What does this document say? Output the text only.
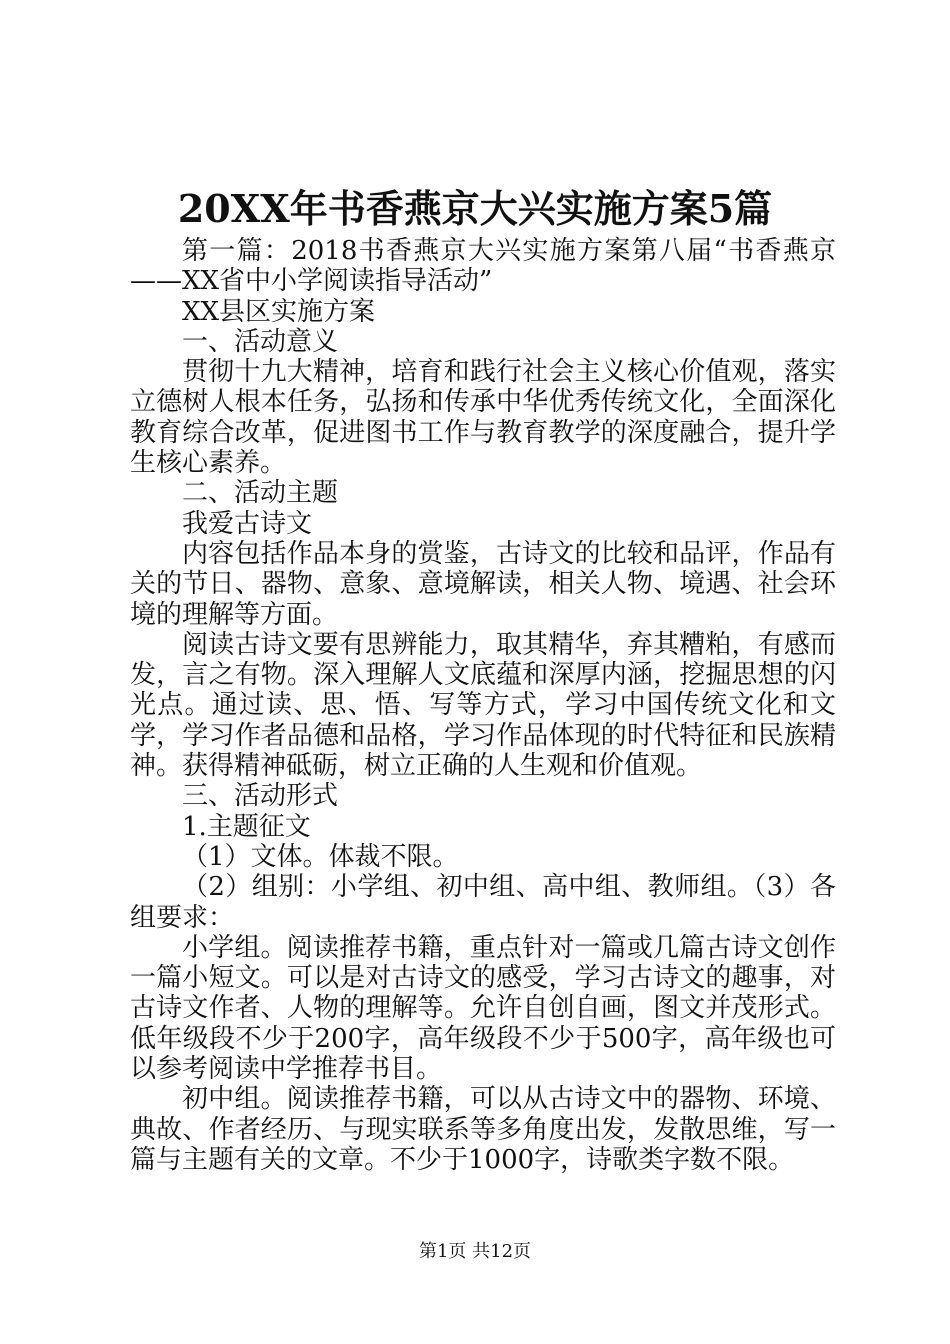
20XX年书香燕京大兴实施方案5篇

第一篇：2018书香燕京大兴实施方案第八届“书香燕京——XX省中小学阅读指导活动”

XX县区实施方案

一、活动意义

贯彻十九大精神，培育和践行社会主义核心价值观，落实立德树人根本任务，弘扬和传承中华优秀传统文化，全面深化教育综合改革，促进图书工作与教育教学的深度融合，提升学生核心素养。

二、活动主题

我爱古诗文

内容包括作品本身的赏鉴，古诗文的比较和品评，作品有关的节日、器物、意象、意境解读，相关人物、境遇、社会环境的理解等方面。

阅读古诗文要有思辨能力，取其精华，弃其糟粕，有感而发，言之有物。深入理解人文底蕴和深厚内涵，挖掘思想的闪光点。通过读、思、悟、写等方式，学习中国传统文化和文学，学习作者品德和品格，学习作品体现的时代特征和民族精神。获得精神砥砺，树立正确的人生观和价值观。

三、活动形式

1.主题征文

（1）文体。体裁不限。

（2）组别：小学组、初中组、高中组、教师组。（3）各组要求：

小学组。阅读推荐书籍，重点针对一篇或几篇古诗文创作一篇小短文。可以是对古诗文的感受，学习古诗文的趣事，对古诗文作者、人物的理解等。允许自创自画，图文并茂形式。低年级段不少于200字，高年级段不少于500字，高年级也可以参考阅读中学推荐书目。

初中组。阅读推荐书籍，可以从古诗文中的器物、环境、典故、作者经历、与现实联系等多角度出发，发散思维，写一篇与主题有关的文章。不少于1000字，诗歌类字数不限。

第1页 共12页
